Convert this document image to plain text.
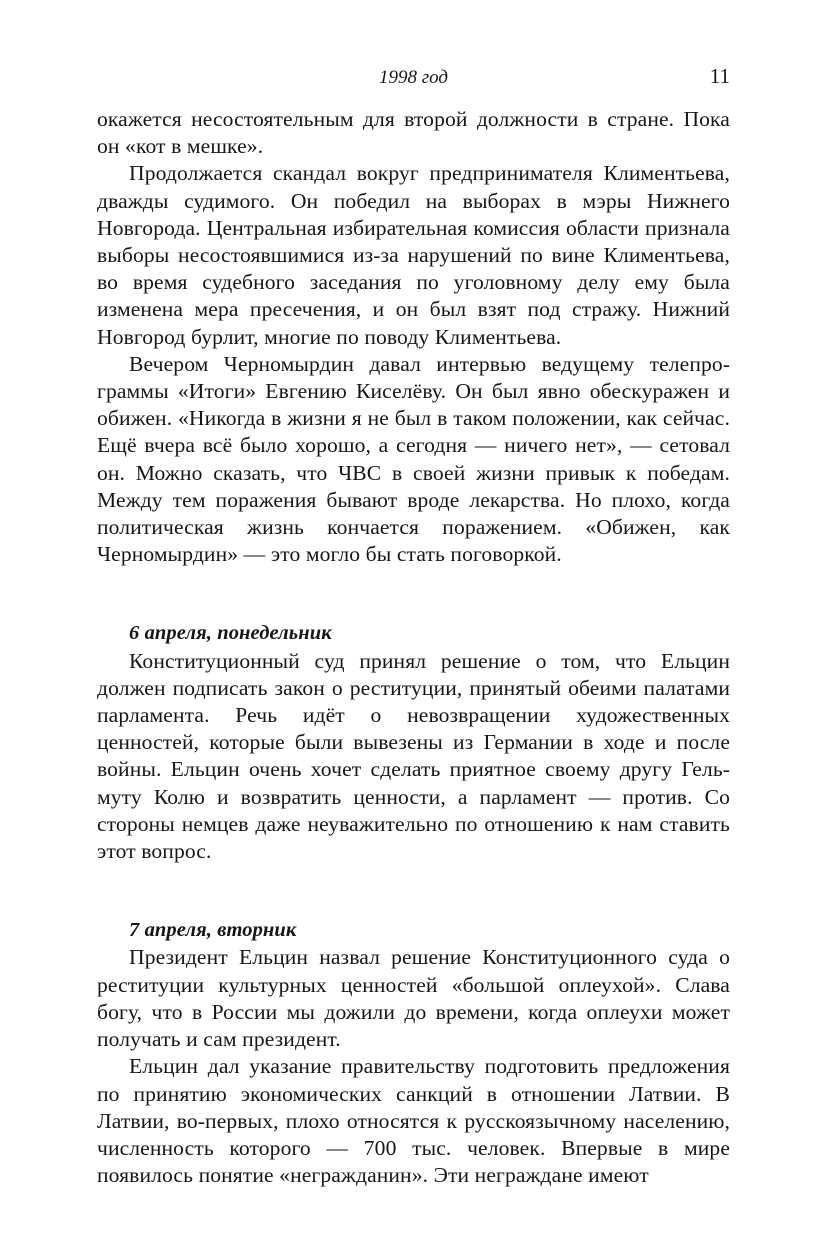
1998 год	11

окажется несостоятельным для второй должности в стране. Пока он «кот в мешке».

Продолжается скандал вокруг предпринимателя Климентьева, дважды судимого. Он победил на выборах в мэры Нижнего Новгорода. Центральная избирательная комиссия области признала выборы несостоявшимися из-за нарушений по вине Климентьева, во время судебного заседания по уголовному делу ему была изменена мера пресечения, и он был взят под стражу. Нижний Новгород бурлит, многие по поводу Климентьева.

Вечером Черномырдин давал интервью ведущему телепрограммы «Итоги» Евгению Киселёву. Он был явно обескуражен и обижен. «Никогда в жизни я не был в таком положении, как сейчас. Ещё вчера всё было хорошо, а сегодня — ничего нет», — сетовал он. Можно сказать, что ЧВС в своей жизни привык к победам. Между тем поражения бывают вроде лекарства. Но плохо, когда политическая жизнь кончается поражением. «Обижен, как Черномырдин» — это могло бы стать поговоркой.

6 апреля, понедельник

Конституционный суд принял решение о том, что Ельцин должен подписать закон о реституции, принятый обеими палатами парламента. Речь идёт о невозвращении художественных ценностей, которые были вывезены из Германии в ходе и после войны. Ельцин очень хочет сделать приятное своему другу Гельмуту Колю и возвратить ценности, а парламент — против. Со стороны немцев даже неуважительно по отношению к нам ставить этот вопрос.

7 апреля, вторник

Президент Ельцин назвал решение Конституционного суда о реституции культурных ценностей «большой оплеухой». Слава богу, что в России мы дожили до времени, когда оплеухи может получать и сам президент.

Ельцин дал указание правительству подготовить предложения по принятию экономических санкций в отношении Латвии. В Латвии, во-первых, плохо относятся к русскоязычному населению, численность которого — 700 тыс. человек. Впервые в мире появилось понятие «негражданин». Эти неграждане имеют
